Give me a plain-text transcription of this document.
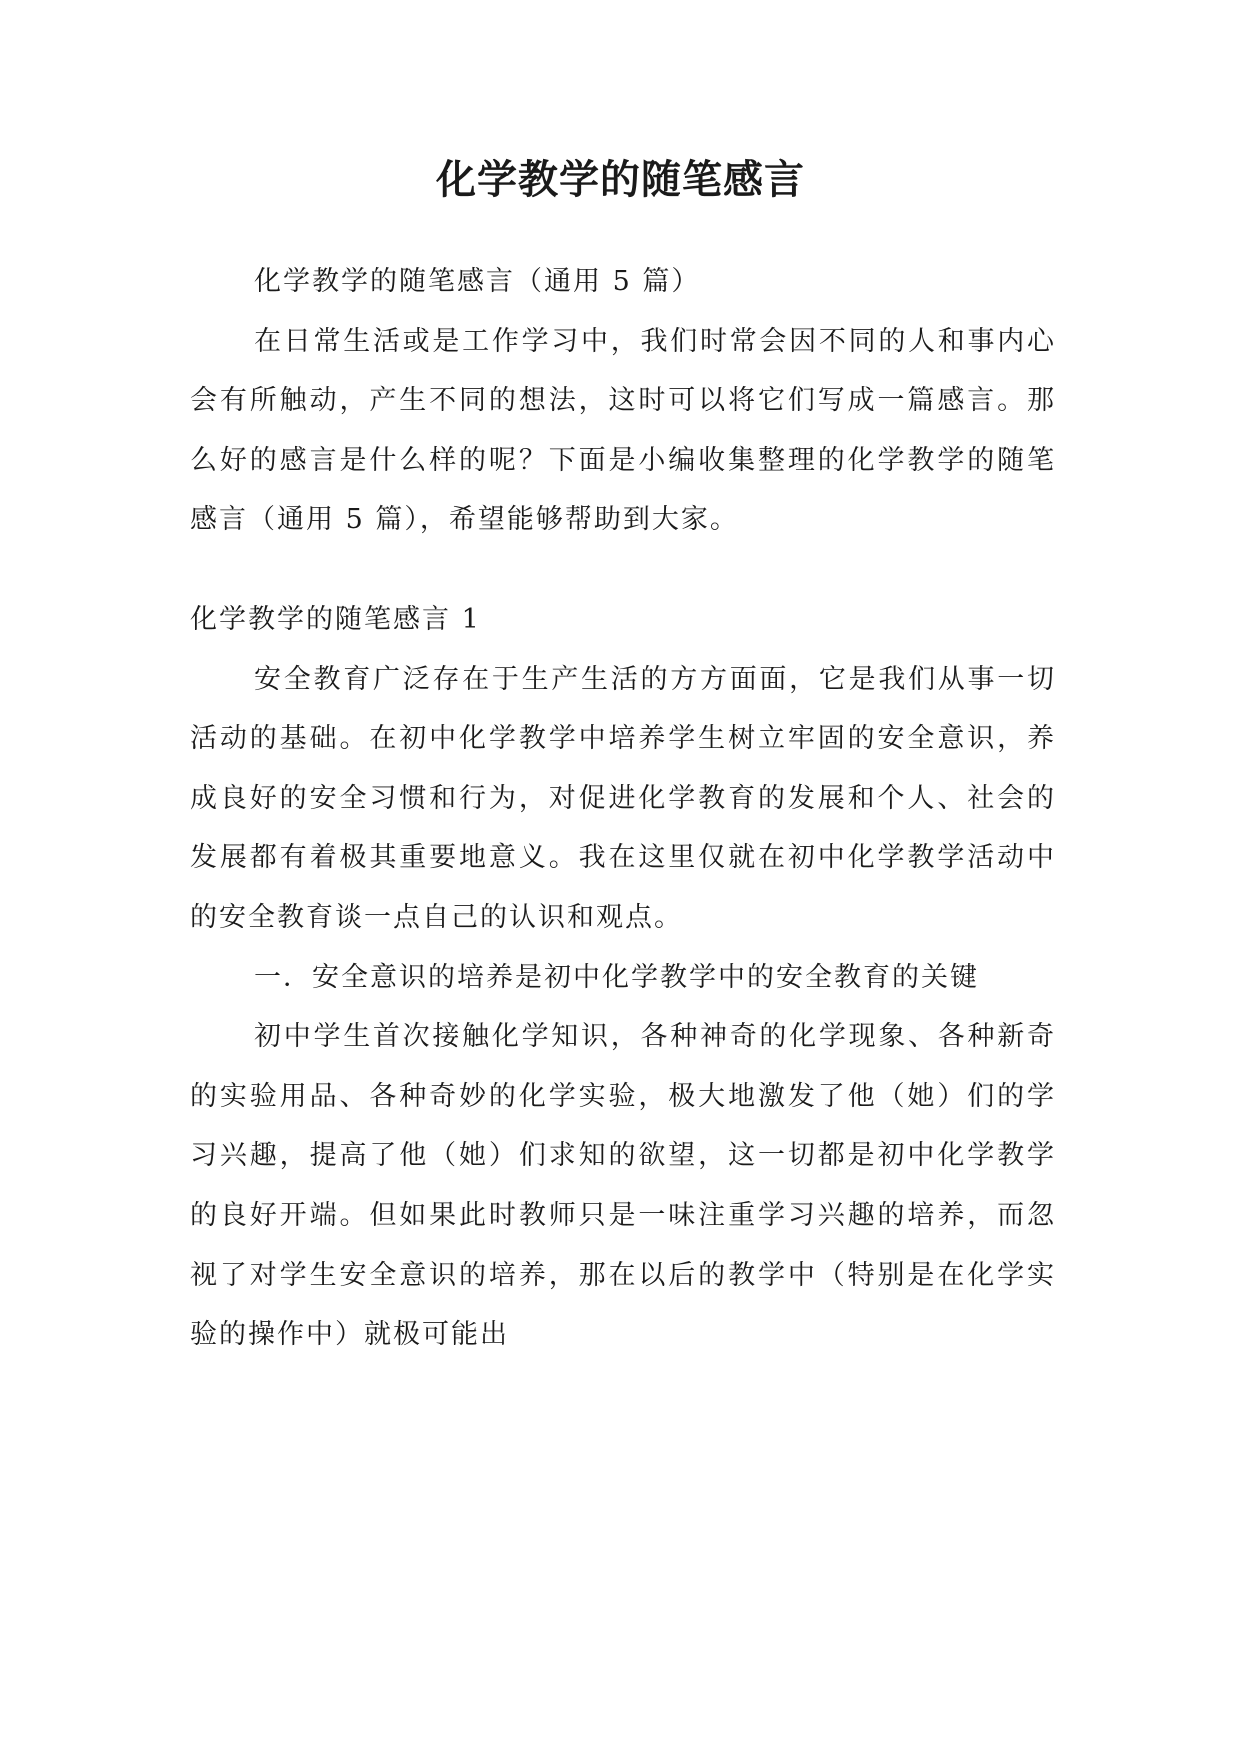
化学教学的随笔感言

化学教学的随笔感言（通用 5 篇）

在日常生活或是工作学习中，我们时常会因不同的人和事内心会有所触动，产生不同的想法，这时可以将它们写成一篇感言。那么好的感言是什么样的呢？下面是小编收集整理的化学教学的随笔感言（通用 5 篇），希望能够帮助到大家。

化学教学的随笔感言 1

安全教育广泛存在于生产生活的方方面面，它是我们从事一切活动的基础。在初中化学教学中培养学生树立牢固的安全意识，养成良好的安全习惯和行为，对促进化学教育的发展和个人、社会的发展都有着极其重要地意义。我在这里仅就在初中化学教学活动中的安全教育谈一点自己的认识和观点。

一．安全意识的培养是初中化学教学中的安全教育的关键

初中学生首次接触化学知识，各种神奇的化学现象、各种新奇的实验用品、各种奇妙的化学实验，极大地激发了他（她）们的学习兴趣，提高了他（她）们求知的欲望，这一切都是初中化学教学的良好开端。但如果此时教师只是一味注重学习兴趣的培养，而忽视了对学生安全意识的培养，那在以后的教学中（特别是在化学实验的操作中）就极可能出
